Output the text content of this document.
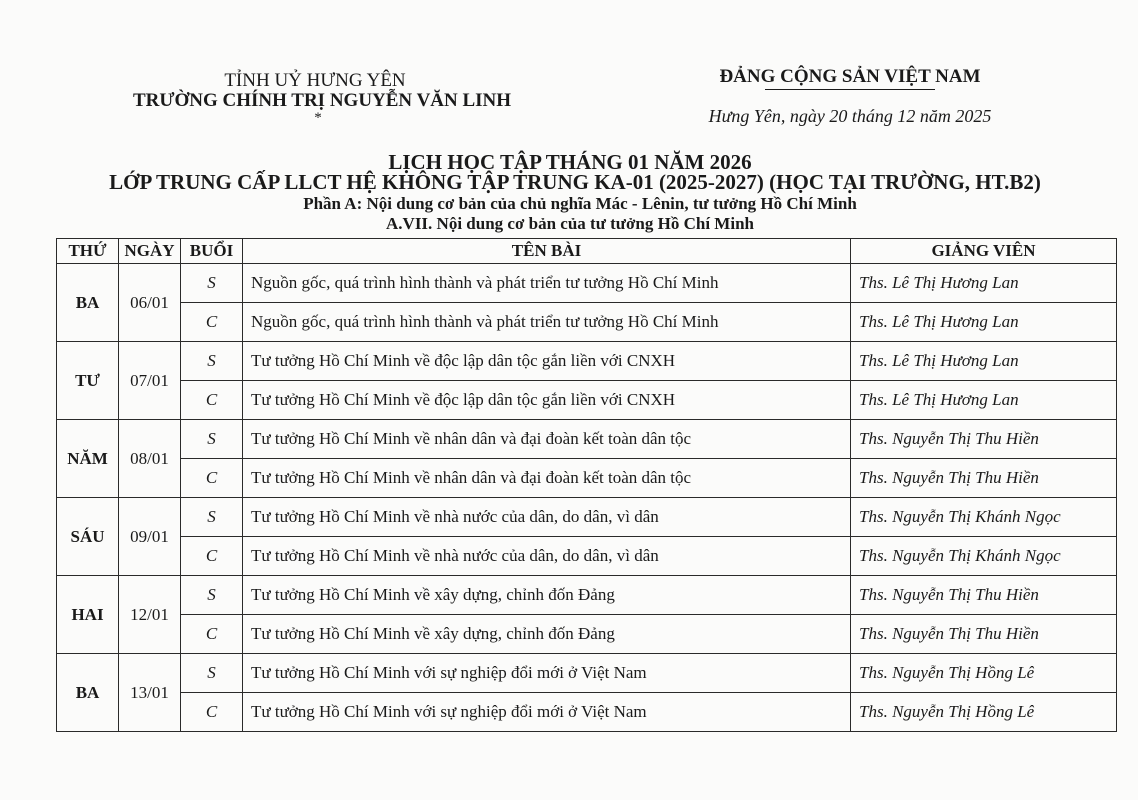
TỈNH UỶ HƯNG YÊN
TRƯỜNG CHÍNH TRỊ NGUYỄN VĂN LINH
*
ĐẢNG CỘNG SẢN VIỆT NAM
Hưng Yên, ngày 20 tháng 12 năm 2025
LỊCH HỌC TẬP THÁNG 01 NĂM 2026
LỚP TRUNG CẤP LLCT HỆ KHÔNG TẬP TRUNG KA-01 (2025-2027) (HỌC TẠI TRƯỜNG, HT.B2)
Phần A: Nội dung cơ bản của chủ nghĩa Mác - Lênin, tư tưởng Hồ Chí Minh
A.VII. Nội dung cơ bản của tư tưởng Hồ Chí Minh
THỨ	NGÀY	BUỔI	TÊN BÀI	GIẢNG VIÊN
BA	06/01	S	Nguồn gốc, quá trình hình thành và phát triển tư tưởng Hồ Chí Minh	Ths. Lê Thị Hương Lan
		C	Nguồn gốc, quá trình hình thành và phát triển tư tưởng Hồ Chí Minh	Ths. Lê Thị Hương Lan
TƯ	07/01	S	Tư tưởng Hồ Chí Minh về độc lập dân tộc gắn liền với CNXH	Ths. Lê Thị Hương Lan
		C	Tư tưởng Hồ Chí Minh về độc lập dân tộc gắn liền với CNXH	Ths. Lê Thị Hương Lan
NĂM	08/01	S	Tư tưởng Hồ Chí Minh về nhân dân và đại đoàn kết toàn dân tộc	Ths. Nguyễn Thị Thu Hiền
		C	Tư tưởng Hồ Chí Minh về nhân dân và đại đoàn kết toàn dân tộc	Ths. Nguyễn Thị Thu Hiền
SÁU	09/01	S	Tư tưởng Hồ Chí Minh về nhà nước của dân, do dân, vì dân	Ths. Nguyễn Thị Khánh Ngọc
		C	Tư tưởng Hồ Chí Minh về nhà nước của dân, do dân, vì dân	Ths. Nguyễn Thị Khánh Ngọc
HAI	12/01	S	Tư tưởng Hồ Chí Minh về xây dựng, chỉnh đốn Đảng	Ths. Nguyễn Thị Thu Hiền
		C	Tư tưởng Hồ Chí Minh về xây dựng, chỉnh đốn Đảng	Ths. Nguyễn Thị Thu Hiền
BA	13/01	S	Tư tưởng Hồ Chí Minh với sự nghiệp đổi mới ở Việt Nam	Ths. Nguyễn Thị Hồng Lê
		C	Tư tưởng Hồ Chí Minh với sự nghiệp đổi mới ở Việt Nam	Ths. Nguyễn Thị Hồng Lê
